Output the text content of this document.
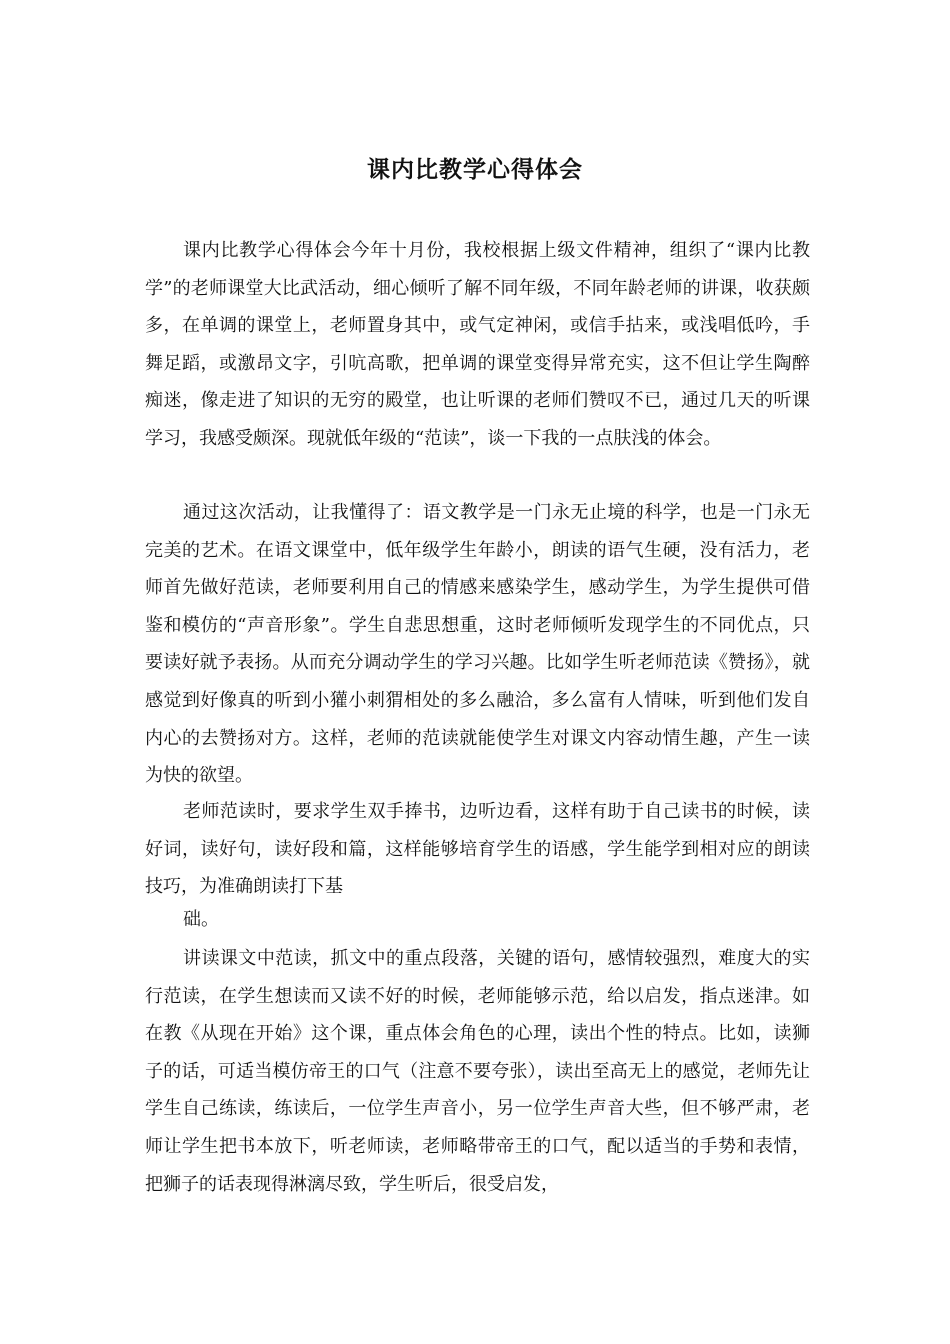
课内比教学心得体会

课内比教学心得体会今年十月份，我校根据上级文件精神，组织了“课内比教学”的老师课堂大比武活动，细心倾听了解不同年级，不同年龄老师的讲课，收获颇多，在单调的课堂上，老师置身其中，或气定神闲，或信手拈来，或浅唱低吟，手舞足蹈，或激昂文字，引吭高歌，把单调的课堂变得异常充实，这不但让学生陶醉痴迷，像走进了知识的无穷的殿堂，也让听课的老师们赞叹不已，通过几天的听课学习，我感受颇深。现就低年级的“范读”，谈一下我的一点肤浅的体会。

通过这次活动，让我懂得了：语文教学是一门永无止境的科学，也是一门永无完美的艺术。在语文课堂中，低年级学生年龄小，朗读的语气生硬，没有活力，老师首先做好范读，老师要利用自己的情感来感染学生，感动学生，为学生提供可借鉴和模仿的“声音形象”。学生自悲思想重，这时老师倾听发现学生的不同优点，只要读好就予表扬。从而充分调动学生的学习兴趣。比如学生听老师范读《赞扬》，就感觉到好像真的听到小獾小刺猬相处的多么融洽，多么富有人情味，听到他们发自内心的去赞扬对方。这样，老师的范读就能使学生对课文内容动情生趣，产生一读为快的欲望。

老师范读时，要求学生双手捧书，边听边看，这样有助于自己读书的时候，读好词，读好句，读好段和篇，这样能够培育学生的语感，学生能学到相对应的朗读技巧，为准确朗读打下基

础。

讲读课文中范读，抓文中的重点段落，关键的语句，感情较强烈，难度大的实行范读，在学生想读而又读不好的时候，老师能够示范，给以启发，指点迷津。如在教《从现在开始》这个课，重点体会角色的心理，读出个性的特点。比如，读狮子的话，可适当模仿帝王的口气（注意不要夸张），读出至高无上的感觉，老师先让学生自己练读，练读后，一位学生声音小，另一位学生声音大些，但不够严肃，老师让学生把书本放下，听老师读，老师略带帝王的口气，配以适当的手势和表情，把狮子的话表现得淋漓尽致，学生听后，很受启发，
